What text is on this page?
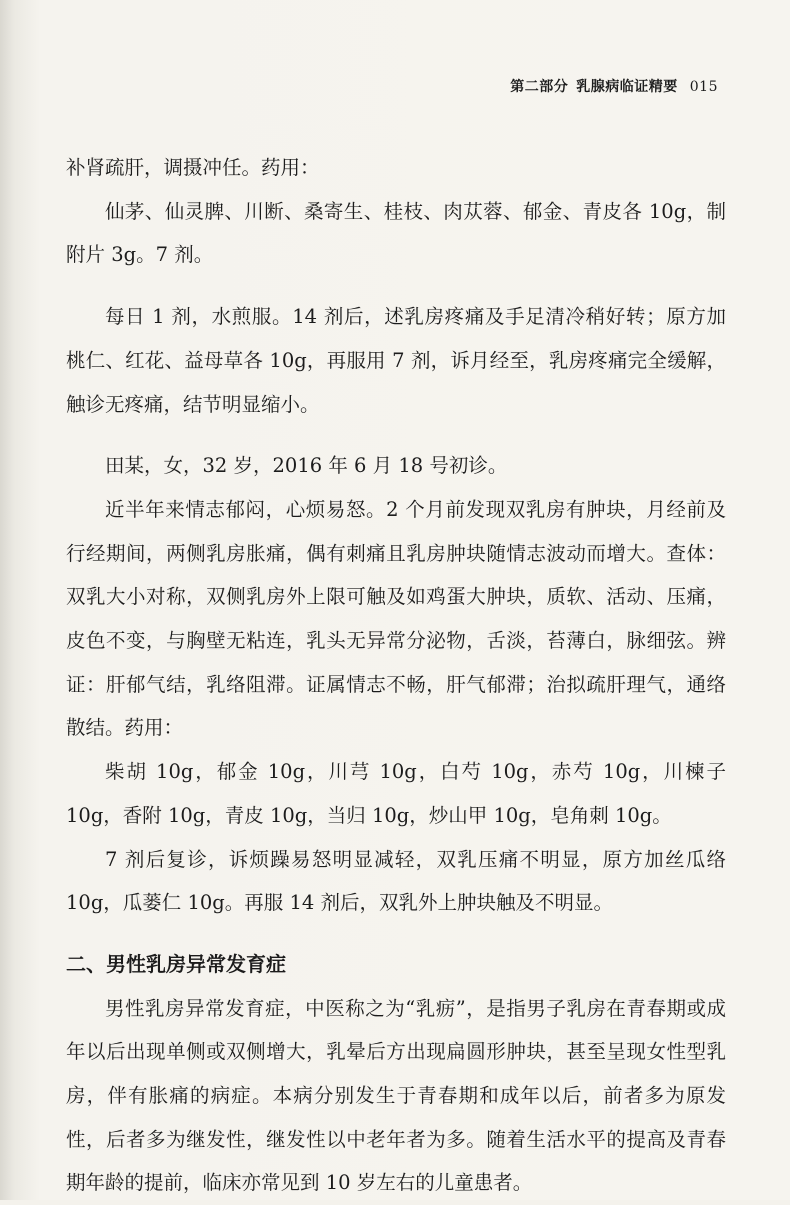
第二部分 乳腺病临证精要 015

补肾疏肝，调摄冲任。药用：

仙茅、仙灵脾、川断、桑寄生、桂枝、肉苁蓉、郁金、青皮各 10g，制附片 3g。7 剂。

每日 1 剂，水煎服。14 剂后，述乳房疼痛及手足清冷稍好转；原方加桃仁、红花、益母草各 10g，再服用 7 剂，诉月经至，乳房疼痛完全缓解，触诊无疼痛，结节明显缩小。

田某，女，32 岁，2016 年 6 月 18 号初诊。

近半年来情志郁闷，心烦易怒。2 个月前发现双乳房有肿块，月经前及行经期间，两侧乳房胀痛，偶有刺痛且乳房肿块随情志波动而增大。查体：双乳大小对称，双侧乳房外上限可触及如鸡蛋大肿块，质软、活动、压痛，皮色不变，与胸壁无粘连，乳头无异常分泌物，舌淡，苔薄白，脉细弦。辨证：肝郁气结，乳络阻滞。证属情志不畅，肝气郁滞；治拟疏肝理气，通络散结。药用：

柴胡 10g，郁金 10g，川芎 10g，白芍 10g，赤芍 10g，川楝子 10g，香附 10g，青皮 10g，当归 10g，炒山甲 10g，皂角刺 10g。

7 剂后复诊，诉烦躁易怒明显减轻，双乳压痛不明显，原方加丝瓜络 10g，瓜蒌仁 10g。再服 14 剂后，双乳外上肿块触及不明显。

二、男性乳房异常发育症

男性乳房异常发育症，中医称之为“乳疬”，是指男子乳房在青春期或成年以后出现单侧或双侧增大，乳晕后方出现扁圆形肿块，甚至呈现女性型乳房，伴有胀痛的病症。本病分别发生于青春期和成年以后，前者多为原发性，后者多为继发性，继发性以中老年者为多。随着生活水平的提高及青春期年龄的提前，临床亦常见到 10 岁左右的儿童患者。
